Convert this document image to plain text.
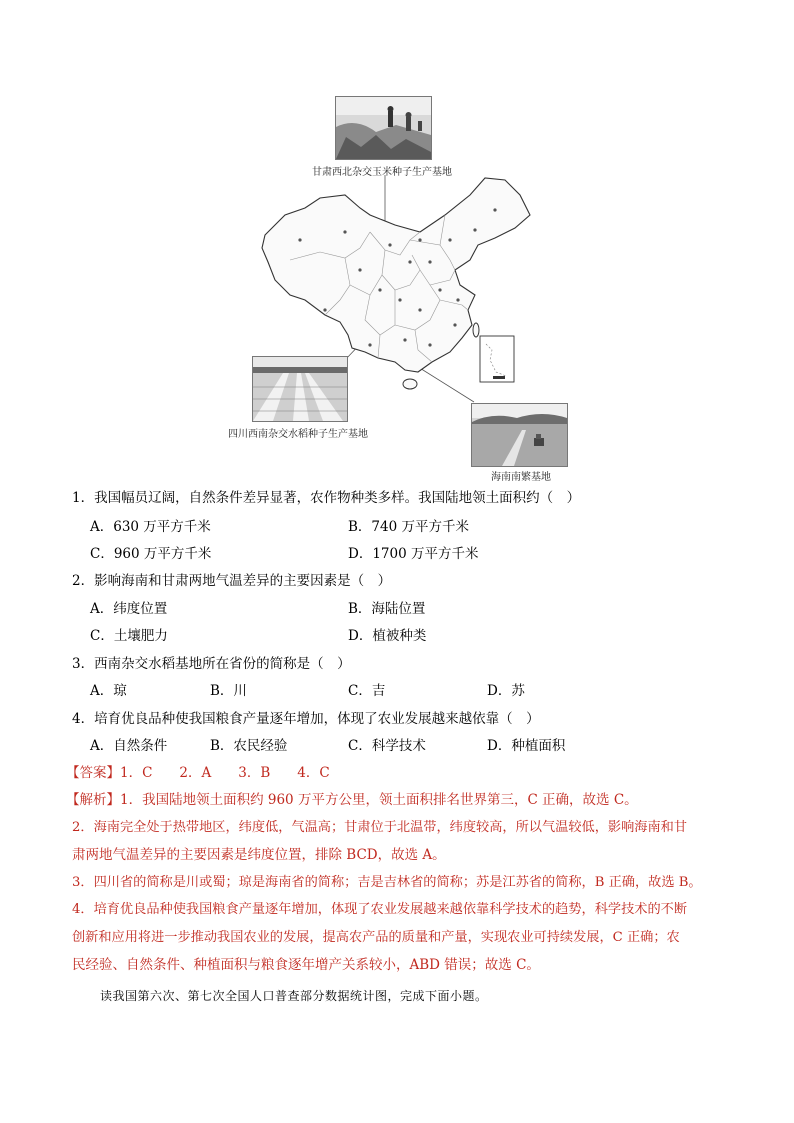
甘肃西北杂交玉米种子生产基地
四川西南杂交水稻种子生产基地
海南南繁基地
1．我国幅员辽阔，自然条件差异显著，农作物种类多样。我国陆地领土面积约（　）
A．630 万平方千米	B．740 万平方千米
C．960 万平方千米	D．1700 万平方千米
2．影响海南和甘肃两地气温差异的主要因素是（　）
A．纬度位置	B．海陆位置
C．土壤肥力	D．植被种类
3．西南杂交水稻基地所在省份的简称是（　）
A．琼	B．川	C．吉	D．苏
4．培育优良品种使我国粮食产量逐年增加，体现了农业发展越来越依靠（　）
A．自然条件	B．农民经验	C．科学技术	D．种植面积
【答案】1．C　　2．A　　3．B　　4．C
【解析】1．我国陆地领土面积约 960 万平方公里，领土面积排名世界第三，C 正确，故选 C。
2．海南完全处于热带地区，纬度低，气温高；甘肃位于北温带，纬度较高，所以气温较低，影响海南和甘
肃两地气温差异的主要因素是纬度位置，排除 BCD，故选 A。
3．四川省的简称是川或蜀；琼是海南省的简称；吉是吉林省的简称；苏是江苏省的简称，B 正确，故选 B。
4．培育优良品种使我国粮食产量逐年增加，体现了农业发展越来越依靠科学技术的趋势，科学技术的不断
创新和应用将进一步推动我国农业的发展，提高农产品的质量和产量，实现农业可持续发展，C 正确；农
民经验、自然条件、种植面积与粮食逐年增产关系较小，ABD 错误；故选 C。
读我国第六次、第七次全国人口普查部分数据统计图，完成下面小题。
